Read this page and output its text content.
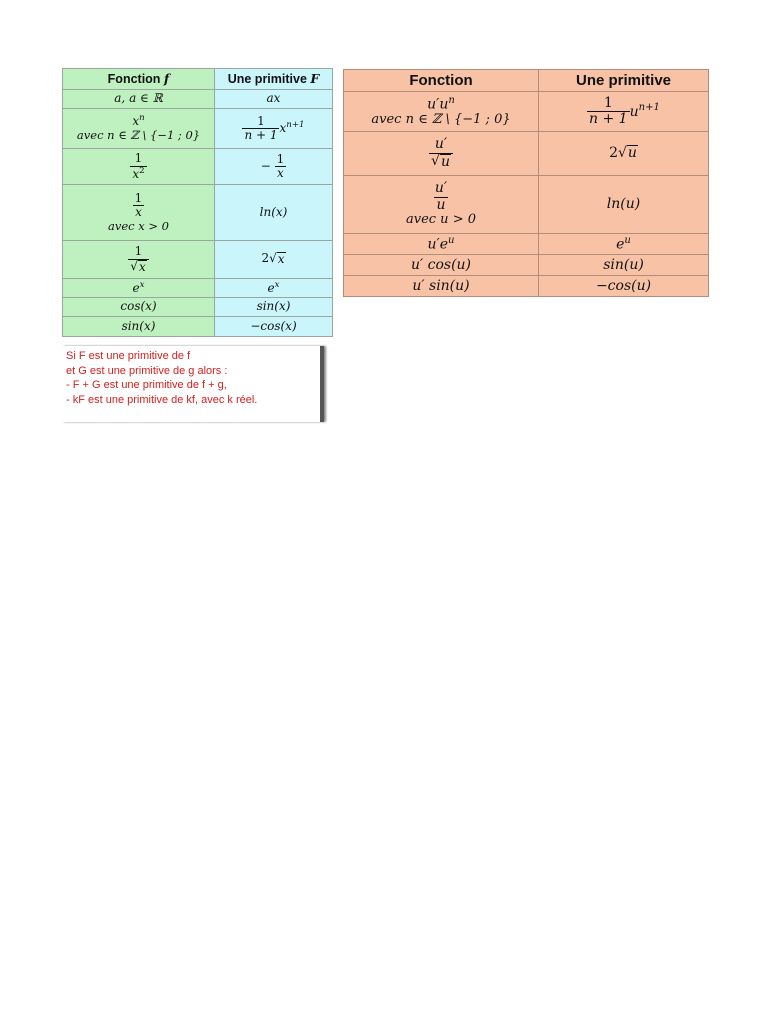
Fonction f	Une primitive F
a, a ∈ ℝ	ax

$x^n$
avec n ∈ ℤ \ {−1 ; 0}	$\frac{1}{n + 1} x^{n+1}$

$\frac{1}{x^2}$	− $\frac{1}{x}$

$\frac{1}{x}$
avec x > 0	ln(x)

$\frac{1}{√ x}$	2 √ x

$e^x$	$e^x$
cos(x)	sin(x)
sin(x)	−cos(x)
Si F est une primitive de f
et G est une primitive de g alors :
- F + G est une primitive de f + g,
- kF est une primitive de kf, avec k réel.
Fonction	Une primitive

$u'u^n$
avec n ∈ ℤ \ {−1 ; 0}	$\frac{1}{n + 1} u^{n+1}$

$\frac{u'}{√ u}$	2 √ u

$\frac{u'}{u}$
avec u > 0	ln(u)
$u'e^u$	$e^u$
u′ cos(u)	sin(u)
u′ sin(u)	−cos(u)
